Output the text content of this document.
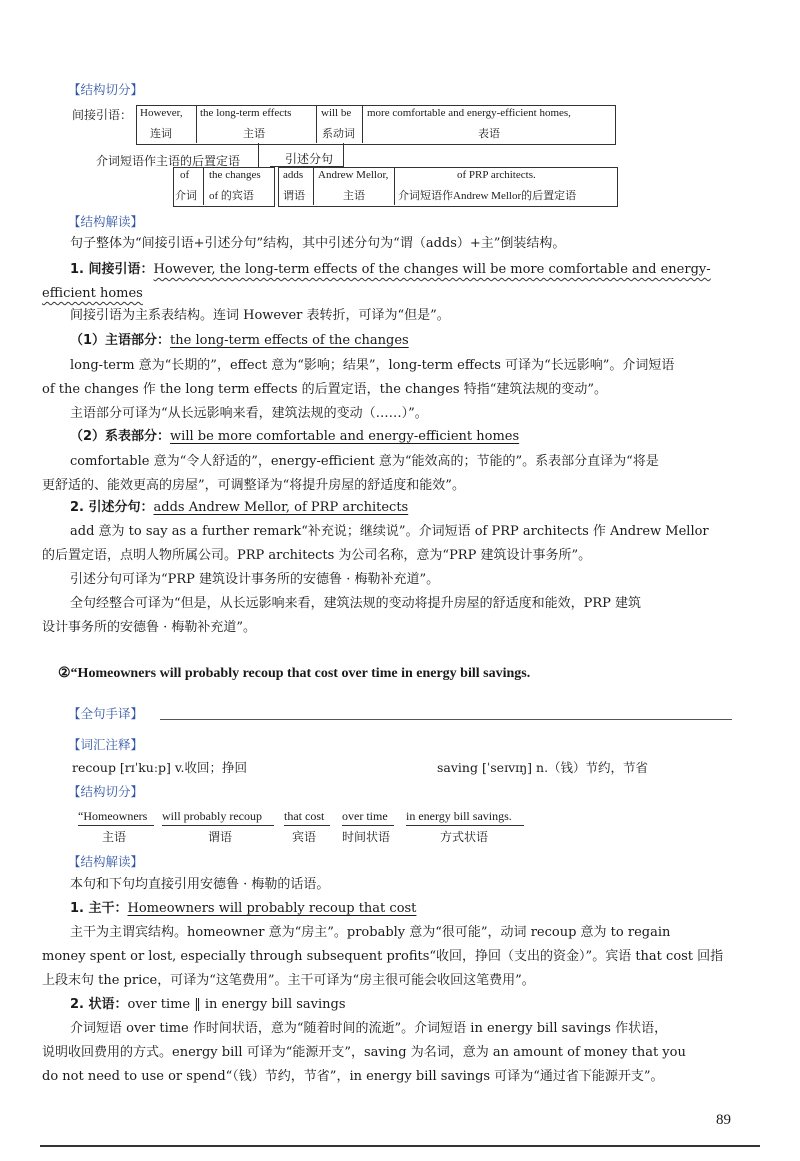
【结构切分】
间接引语： However,
连词
the long-term effects
主语
will be
系动词
more comfortable and energy-efficient homes,
表语
介词短语作主语的后置定语	引述分句
of
介词
the changes
of 的宾语
adds
谓语
Andrew Mellor,
主语
of PRP architects.
介词短语作Andrew Mellor的后置定语
【结构解读】
句子整体为“间接引语+引述分句”结构，其中引述分句为“谓（adds）+主”倒装结构。
1. 间接引语：However, the long-term effects of the changes will be more comfortable and energy-efficient homes
间接引语为主系表结构。连词 However 表转折，可译为“但是”。
（1）主语部分：the long-term effects of the changes
long-term 意为“长期的”，effect 意为“影响；结果”，long-term effects 可译为“长远影响”。介词短语
of the changes 作 the long term effects 的后置定语，the changes 特指“建筑法规的变动”。
主语部分可译为“从长远影响来看，建筑法规的变动（……）”。
（2）系表部分：will be more comfortable and energy-efficient homes
comfortable 意为“令人舒适的”，energy-efficient 意为“能效高的；节能的”。系表部分直译为“将是
更舒适的、能效更高的房屋”，可调整译为“将提升房屋的舒适度和能效”。
2. 引述分句：adds Andrew Mellor, of PRP architects
add 意为 to say as a further remark“补充说；继续说”。介词短语 of PRP architects 作 Andrew Mellor
的后置定语，点明人物所属公司。PRP architects 为公司名称，意为“PRP 建筑设计事务所”。
引述分句可译为“PRP 建筑设计事务所的安德鲁 · 梅勒补充道”。
全句经整合可译为“但是，从长远影响来看，建筑法规的变动将提升房屋的舒适度和能效，PRP 建筑
设计事务所的安德鲁 · 梅勒补充道”。
②“Homeowners will probably recoup that cost over time in energy bill savings.
【全句手译】
【词汇注释】
recoup [rɪˈkuːp] v.收回；挣回	saving [ˈseɪvɪŋ] n.（钱）节约，节省
【结构切分】
“Homeowners
主语
will probably recoup
谓语
that cost
宾语
over time
时间状语
in energy bill savings.
方式状语
【结构解读】
本句和下句均直接引用安德鲁 · 梅勒的话语。
1. 主干：Homeowners will probably recoup that cost
主干为主谓宾结构。homeowner 意为“房主”。probably 意为“很可能”，动词 recoup 意为 to regain
money spent or lost, especially through subsequent profits“收回，挣回（支出的资金）”。宾语 that cost 回指
上段末句 the price，可译为“这笔费用”。主干可译为“房主很可能会收回这笔费用”。
2. 状语：over time ‖ in energy bill savings
介词短语 over time 作时间状语，意为“随着时间的流逝”。介词短语 in energy bill savings 作状语，
说明收回费用的方式。energy bill 可译为“能源开支”，saving 为名词，意为 an amount of money that you
do not need to use or spend“（钱）节约，节省”，in energy bill savings 可译为“通过省下能源开支”。
89
